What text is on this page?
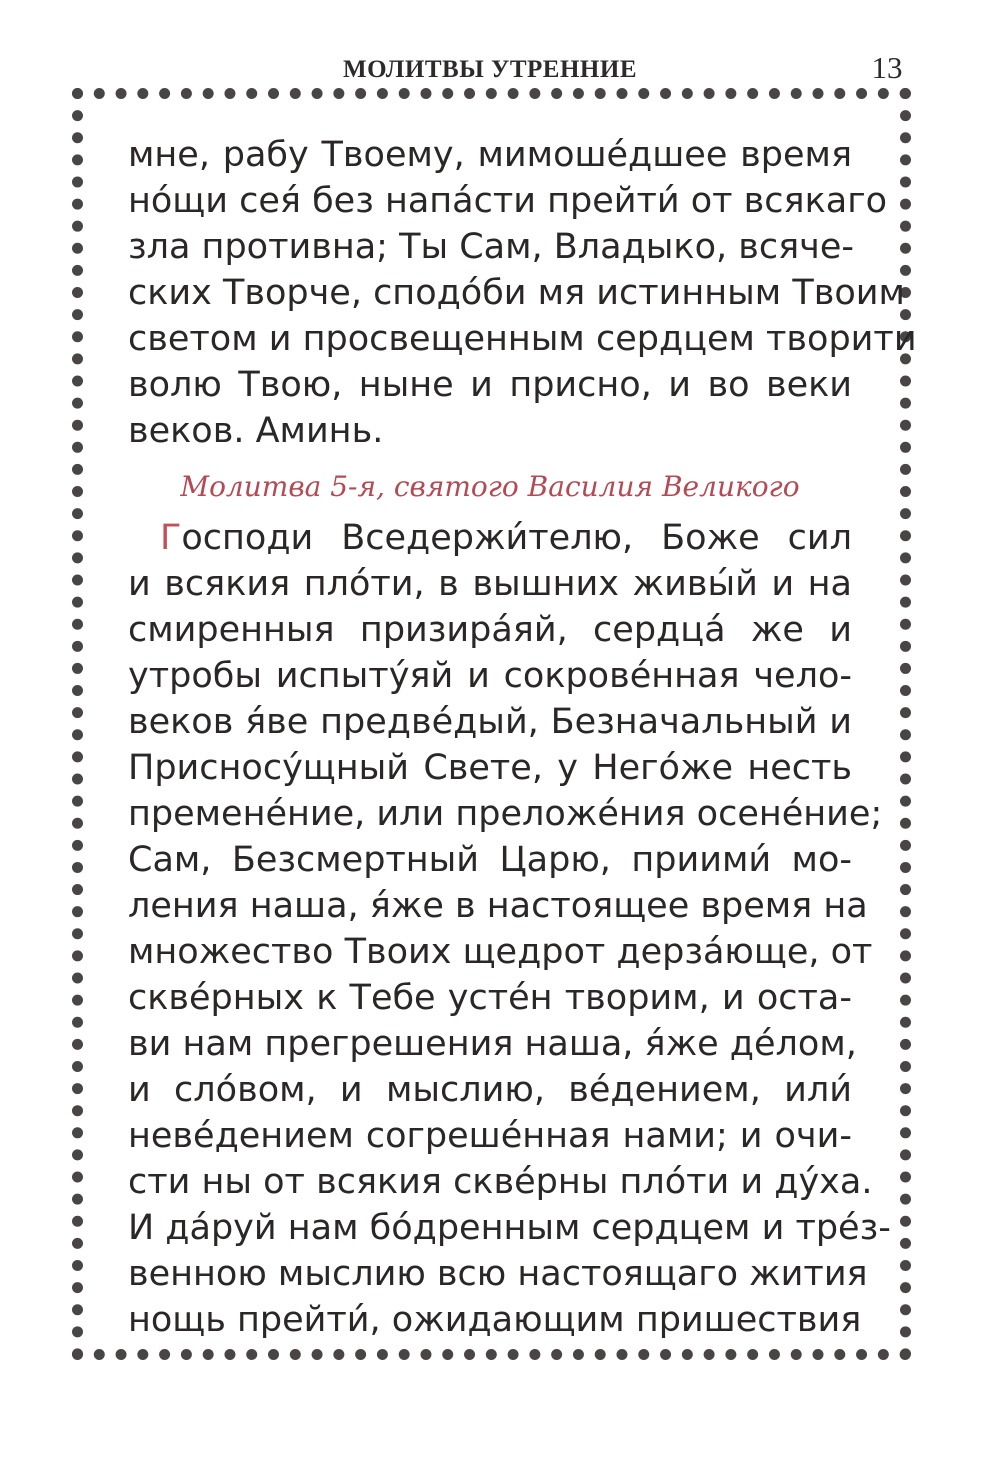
МОЛИТВЫ УТРЕННИЕ	13
мне, рабу Твоему, мимоше́дшее время
но́щи сея́ без напа́сти прейти́ от всякаго
зла противна; Ты Сам, Владыко, всяче-
ских Творче, сподо́би мя истинным Твоим
светом и просвещенным сердцем творити
волю Твою, ныне и присно, и во веки
веков. Аминь.
Молитва 5-я, святого Василия Великого
Господи Вседержи́телю, Боже сил
и всякия пло́ти, в вышних живы́й и на
смиренныя призира́яй, сердца́ же и
утробы испыту́яй и сокрове́нная чело-
веков я́ве предве́дый, Безначальный и
Присносу́щный Свете, у Него́же несть
премене́ние, или преложе́ния осене́ние;
Сам, Безсмертный Царю, приими́ мо-
ления наша, я́же в настоящее время на
множество Твоих щедрот дерза́юще, от
скве́рных к Тебе усте́н творим, и оста-
ви нам прегрешения наша, я́же де́лом,
и сло́вом, и мыслию, ве́дением, или́
неве́дением согреше́нная нами; и очи-
сти ны от всякия скве́рны пло́ти и ду́ха.
И да́руй нам бо́дренным сердцем и тре́з-
венною мыслию всю настоящаго жития
нощь прейти́, ожидающим пришествия
